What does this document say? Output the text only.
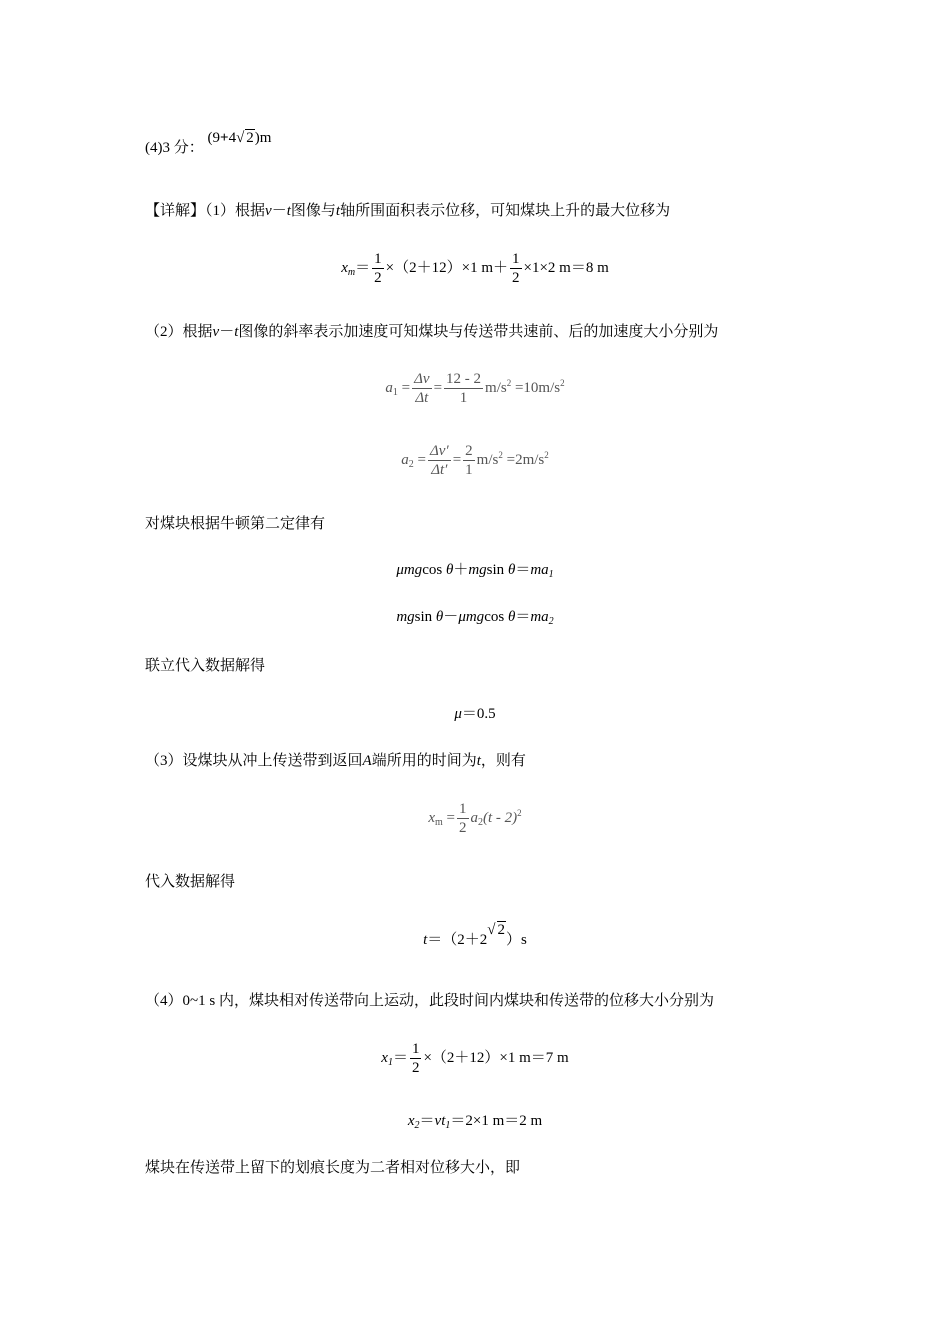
(4)3 分： (9+4√ 2)m
【详解】（1）根据v－t图像与t轴所围面积表示位移，可知煤块上升的最大位移为
$x_m= \frac{1}{2} \times(2+12)\times 1$ $m+ \frac{1}{2} \times 1\times 2$ m＝8 m
（2）根据v－t图像的斜率表示加速度可知煤块与传送带共速前、后的加速度大小分别为
$a_1 = \frac{\Delta v}{\Delta t} = \frac{12 - 2}{1} m/s^2 =10m/s^2$
$a_2 = \frac{\Delta v'}{\Delta t'} = \frac{2}{1} m/s^2 =2m/s^2$
对煤块根据牛顿第二定律有
μmgcos θ＋mgsin $\theta=ma_1$
mgsin θ－μmgcos $\theta=ma_2$
联立代入数据解得
μ＝0.5
（3）设煤块从冲上传送带到返回A端所用的时间为t，则有
$x_m = \frac{1}{2} a_2(t - 2)^2$
代入数据解得
t＝（2＋2√ 2）s
（4）0~1 s 内，煤块相对传送带向上运动，此段时间内煤块和传送带的位移大小分别为
$x_1= \frac{1}{2} \times(2+12)\times 1$ m＝7 m
$x_2=vt_1=2\times 1$ m＝2 m
煤块在传送带上留下的划痕长度为二者相对位移大小，即
